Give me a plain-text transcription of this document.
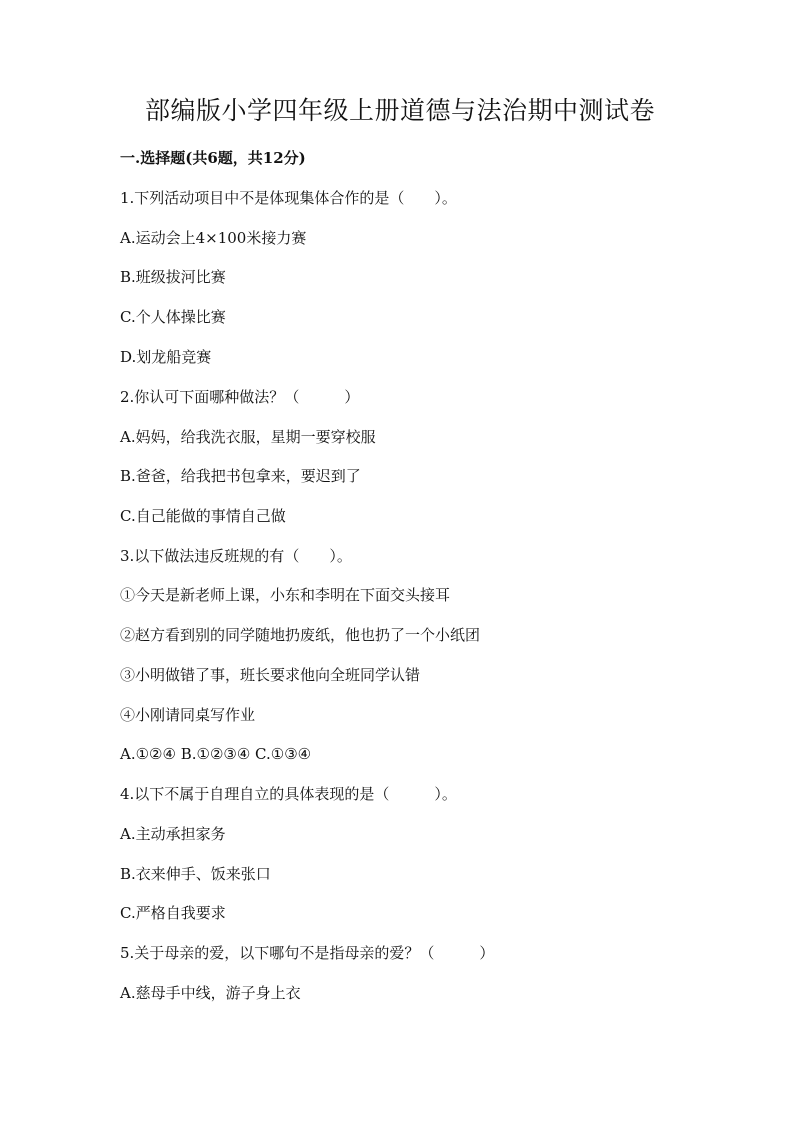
部编版小学四年级上册道德与法治期中测试卷
一.选择题(共6题，共12分)
1.下列活动项目中不是体现集体合作的是（　　）。
A.运动会上4×100米接力赛
B.班级拔河比赛
C.个人体操比赛
D.划龙船竞赛
2.你认可下面哪种做法？（　　　）
A.妈妈，给我洗衣服，星期一要穿校服
B.爸爸，给我把书包拿来，要迟到了
C.自己能做的事情自己做
3.以下做法违反班规的有（　　）。
①今天是新老师上课，小东和李明在下面交头接耳
②赵方看到别的同学随地扔废纸，他也扔了一个小纸团
③小明做错了事，班长要求他向全班同学认错
④小刚请同桌写作业
A.①②④ B.①②③④ C.①③④
4.以下不属于自理自立的具体表现的是（　　　）。
A.主动承担家务
B.衣来伸手、饭来张口
C.严格自我要求
5.关于母亲的爱，以下哪句不是指母亲的爱？（　　　）
A.慈母手中线，游子身上衣
